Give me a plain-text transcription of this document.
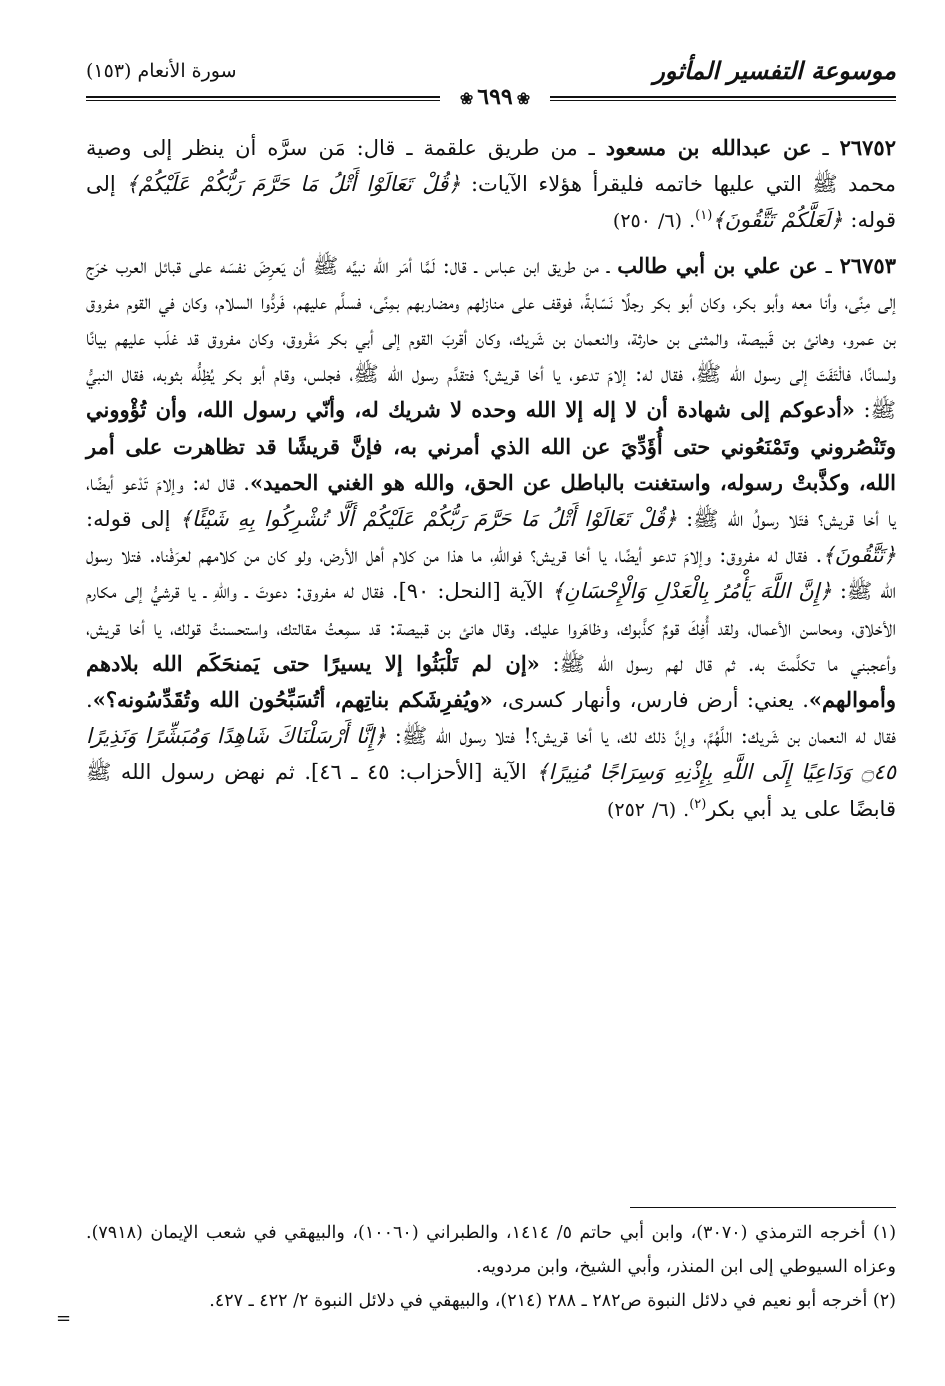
موسوعة التفسير المأثور
سورة الأنعام (١٥٣)
❀٦٩٩❀

٢٦٧٥٢ ـ عن عبدالله بن مسعود ـ من طريق علقمة ـ قال: مَن سرَّه أن ينظر إلى وصية محمد ﷺ التي عليها خاتمه فليقرأ هؤلاء الآيات: ﴿قُلْ تَعَالَوْا أَتْلُ مَا حَرَّمَ رَبُّكُمْ عَلَيْكُمْ﴾ إلى قوله: ﴿لَعَلَّكُمْ تَتَّقُونَ﴾$^{(١)}$. (٦/ ٢٥٠)

٢٦٧٥٣ ـ عن علي بن أبي طالب ـ من طريق ابن عباس ـ قال: لَمَّا أمَر الله نبيَّه ﷺ أن يَعرِضَ نفسَه على قبائل العرب خرَج إلى مِنًى، وأنا معه وأبو بكر، وكان أبو بكر رجلًا نَسّابةً، فوقف على منازلهم ومضاربهم بمِنًى، فسلَّم عليهم، فَردُّوا السلام، وكان في القوم مفروق بن عمرو، وهانئ بن قَبيصة، والمثنى بن حارثة، والنعمان بن شَريك، وكان أقربَ القوم إلى أبي بكر مَفْروق، وكان مفروق قد غلَب عليهم بيانًا ولسانًا، فالْتَفَتَ إلى رسول الله ﷺ، فقال له: إلامَ تدعو، يا أخا قريش؟ فتقدَّم رسول الله ﷺ، فجلس، وقام أبو بكر يُظِلُّه بثوبه، فقال النبيُّ ﷺ: «أدعوكم إلى شهادة أن لا إله إلا الله وحده لا شريك له، وأنّي رسول الله، وأن تُؤْووني وتَنْصُروني وتَمْنَعُوني حتى أُؤَدِّيَ عن الله الذي أمرني به، فإنَّ قريشًا قد تظاهرت على أمر الله، وكذَّبتْ رسوله، واستغنت بالباطل عن الحق، والله هو الغني الحميد». قال له: وإلامَ تَدْعو أيضًا، يا أخا قريش؟ فتَلا رسولُ الله ﷺ: ﴿قُلْ تَعَالَوْا أَتْلُ مَا حَرَّمَ رَبُّكُمْ عَلَيْكُمْ أَلَّا تُشْرِكُوا بِهِ شَيْئًا﴾ إلى قوله: ﴿تَتَّقُونَ﴾. فقال له مفروق: وإلامَ تدعو أيضًا، يا أخا قريش؟ فواللهِ، ما هذا من كلام أهل الأرض، ولو كان من كلامهم لعرَفْناه. فتلا رسول الله ﷺ: ﴿إِنَّ اللَّهَ يَأْمُرُ بِالْعَدْلِ وَالْإِحْسَانِ﴾ الآية [النحل: ٩٠]. فقال له مفروق: دعوتَ ـ واللهِ ـ يا قرشيُّ إلى مكارم الأخلاق، ومحاسن الأعمال، ولقد أُفِكَ قومٌ كذَّبوك، وظاهَروا عليك. وقال هانئ بن قبيصة: قد سمِعتُ مقالتك، واستحسنتُ قولك، يا أخا قريش، وأعجبني ما تكلَّمتَ به. ثم قال لهم رسول الله ﷺ: «إن لم تَلْبَثُوا إلا يسيرًا حتى يَمنحَكَم الله بلادهم وأموالهم». يعني: أرض فارس، وأنهار كسرى، «ويُفرِشَكم بناتِهم، أتُسَبِّحُون الله وتُقَدِّسُونه؟». فقال له النعمان بن شَريك: اللَّهُمَّ، وإنَّ ذلك لك، يا أخا قريش؟! فتلا رسول الله ﷺ: ﴿إِنَّا أَرْسَلْنَاكَ شَاهِدًا وَمُبَشِّرًا وَنَذِيرًا ۝٤٥ وَدَاعِيًا إِلَى اللَّهِ بِإِذْنِهِ وَسِرَاجًا مُنِيرًا﴾ الآية [الأحزاب: ٤٥ ـ ٤٦]. ثم نهض رسول الله ﷺ قابضًا على يد أبي بكر$^{(٢)}$. (٦/ ٢٥٢)

(١) أخرجه الترمذي (٣٠٧٠)، وابن أبي حاتم ٥/ ١٤١٤، والطبراني (١٠٠٦٠)، والبيهقي في شعب الإيمان (٧٩١٨). وعزاه السيوطي إلى ابن المنذر، وأبي الشيخ، وابن مردويه.

(٢) أخرجه أبو نعيم في دلائل النبوة ص٢٨٢ ـ ٢٨٨ (٢١٤)، والبيهقي في دلائل النبوة ٢/ ٤٢٢ ـ ٤٢٧.

=
